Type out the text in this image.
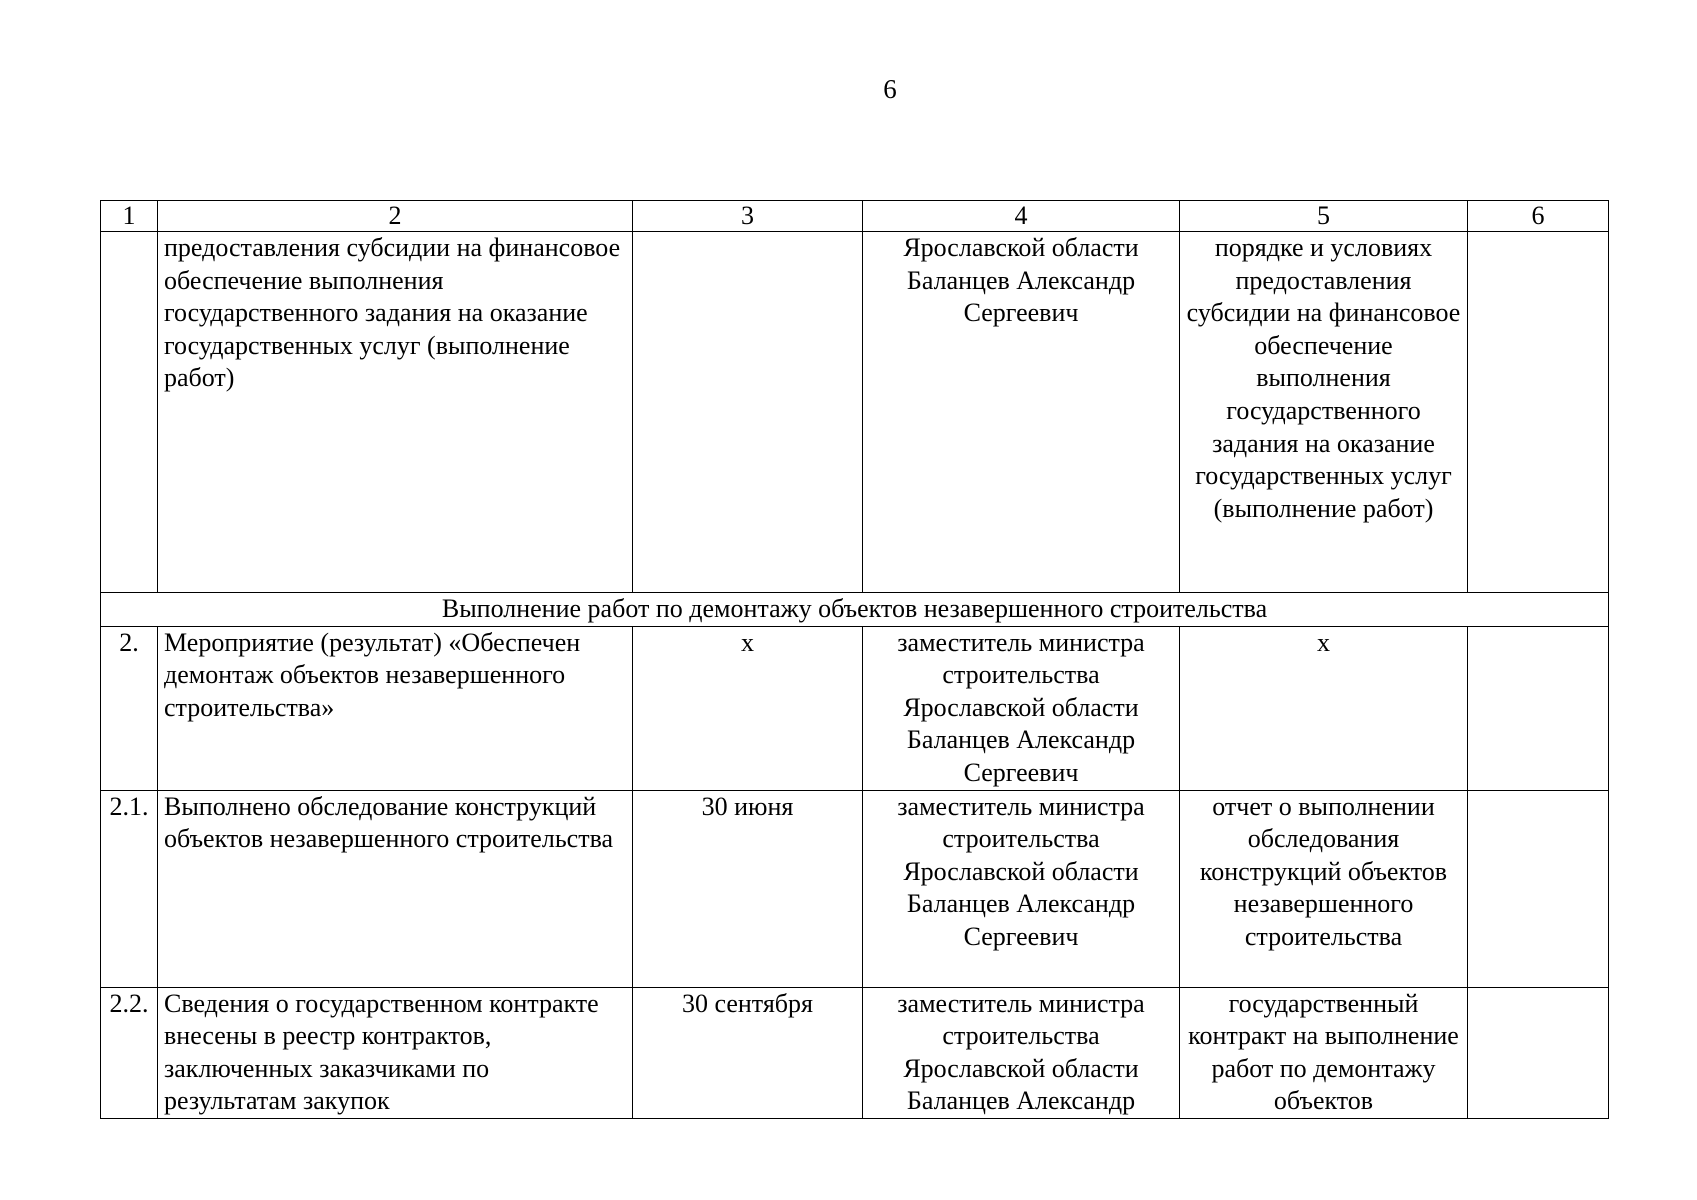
6
1	2	3	4	5	6
	предоставления субсидии на финансовое обеспечение выполнения государственного задания на оказание государственных услуг (выполнение работ)		Ярославской области Баланцев Александр Сергеевич	порядке и условиях предоставления субсидии на финансовое обеспечение выполнения государственного задания на оказание государственных услуг (выполнение работ)	
Выполнение работ по демонтажу объектов незавершенного строительства					
2.	Мероприятие (результат) «Обеспечен демонтаж объектов незавершенного строительства»	х	заместитель министра строительства Ярославской области Баланцев Александр Сергеевич	х	
2.1.	Выполнено обследование конструкций объектов незавершенного строительства	30 июня	заместитель министра строительства Ярославской области Баланцев Александр Сергеевич	отчет о выполнении обследования конструкций объектов незавершенного строительства	
2.2.	Сведения о государственном контракте внесены в реестр контрактов, заключенных заказчиками по результатам закупок	30 сентября	заместитель министра строительства Ярославской области Баланцев Александр	государственный контракт на выполнение работ по демонтажу объектов	
